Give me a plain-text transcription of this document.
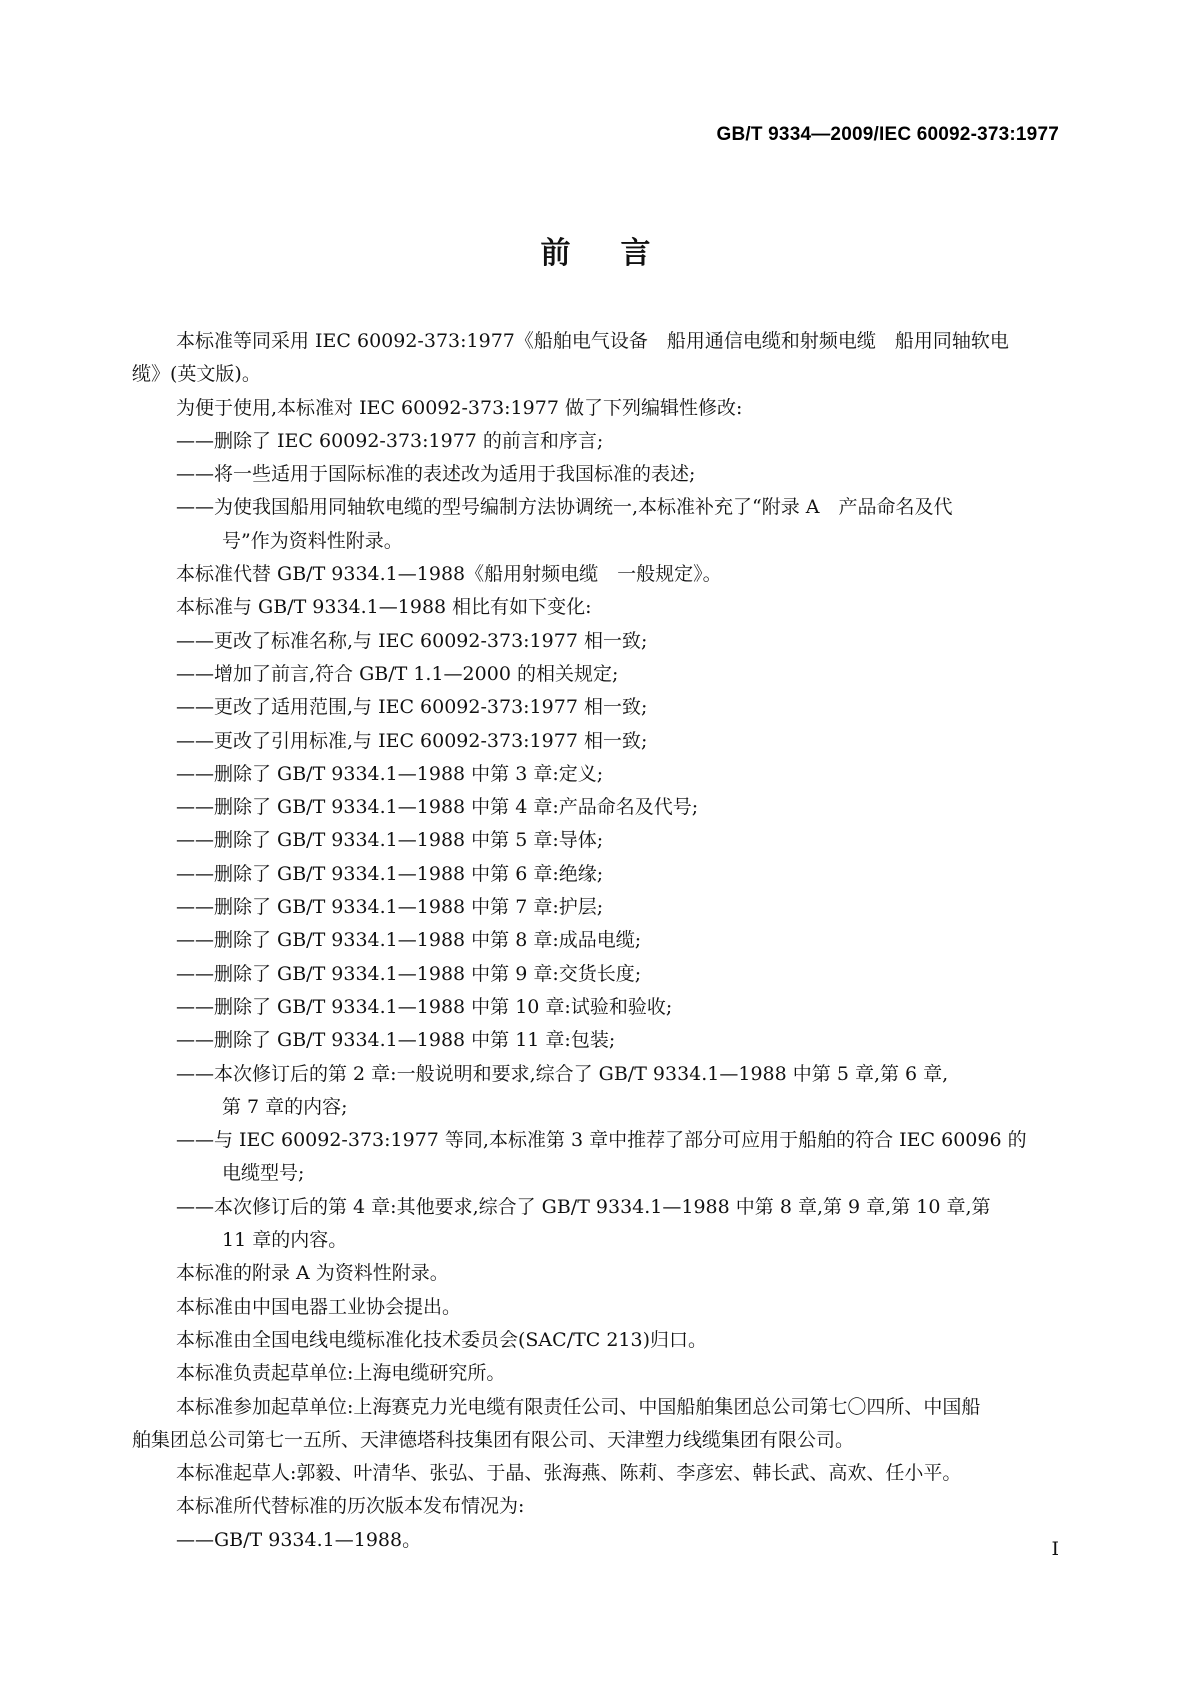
GB/T 9334—2009/IEC 60092-373:1977
前言

本标准等同采用 IEC 60092-373:1977《船舶电气设备　船用通信电缆和射频电缆　船用同轴软电

缆》(英文版)。

为便于使用,本标准对 IEC 60092-373:1977 做了下列编辑性修改:

——删除了 IEC 60092-373:1977 的前言和序言;

——将一些适用于国际标准的表述改为适用于我国标准的表述;

——为使我国船用同轴软电缆的型号编制方法协调统一,本标准补充了“附录 A　产品命名及代

号”作为资料性附录。

本标准代替 GB/T 9334.1—1988《船用射频电缆　一般规定》。

本标准与 GB/T 9334.1—1988 相比有如下变化:

——更改了标准名称,与 IEC 60092-373:1977 相一致;

——增加了前言,符合 GB/T 1.1—2000 的相关规定;

——更改了适用范围,与 IEC 60092-373:1977 相一致;

——更改了引用标准,与 IEC 60092-373:1977 相一致;

——删除了 GB/T 9334.1—1988 中第 3 章:定义;

——删除了 GB/T 9334.1—1988 中第 4 章:产品命名及代号;

——删除了 GB/T 9334.1—1988 中第 5 章:导体;

——删除了 GB/T 9334.1—1988 中第 6 章:绝缘;

——删除了 GB/T 9334.1—1988 中第 7 章:护层;

——删除了 GB/T 9334.1—1988 中第 8 章:成品电缆;

——删除了 GB/T 9334.1—1988 中第 9 章:交货长度;

——删除了 GB/T 9334.1—1988 中第 10 章:试验和验收;

——删除了 GB/T 9334.1—1988 中第 11 章:包装;

——本次修订后的第 2 章:一般说明和要求,综合了 GB/T 9334.1—1988 中第 5 章,第 6 章,

第 7 章的内容;

——与 IEC 60092-373:1977 等同,本标准第 3 章中推荐了部分可应用于船舶的符合 IEC 60096 的

电缆型号;

——本次修订后的第 4 章:其他要求,综合了 GB/T 9334.1—1988 中第 8 章,第 9 章,第 10 章,第

11 章的内容。

本标准的附录 A 为资料性附录。

本标准由中国电器工业协会提出。

本标准由全国电线电缆标准化技术委员会(SAC/TC 213)归口。

本标准负责起草单位:上海电缆研究所。

本标准参加起草单位:上海赛克力光电缆有限责任公司、中国船舶集团总公司第七〇四所、中国船

舶集团总公司第七一五所、天津德塔科技集团有限公司、天津塑力线缆集团有限公司。

本标准起草人:郭毅、叶清华、张弘、于晶、张海燕、陈莉、李彦宏、韩长武、高欢、任小平。

本标准所代替标准的历次版本发布情况为:

——GB/T 9334.1—1988。	I
